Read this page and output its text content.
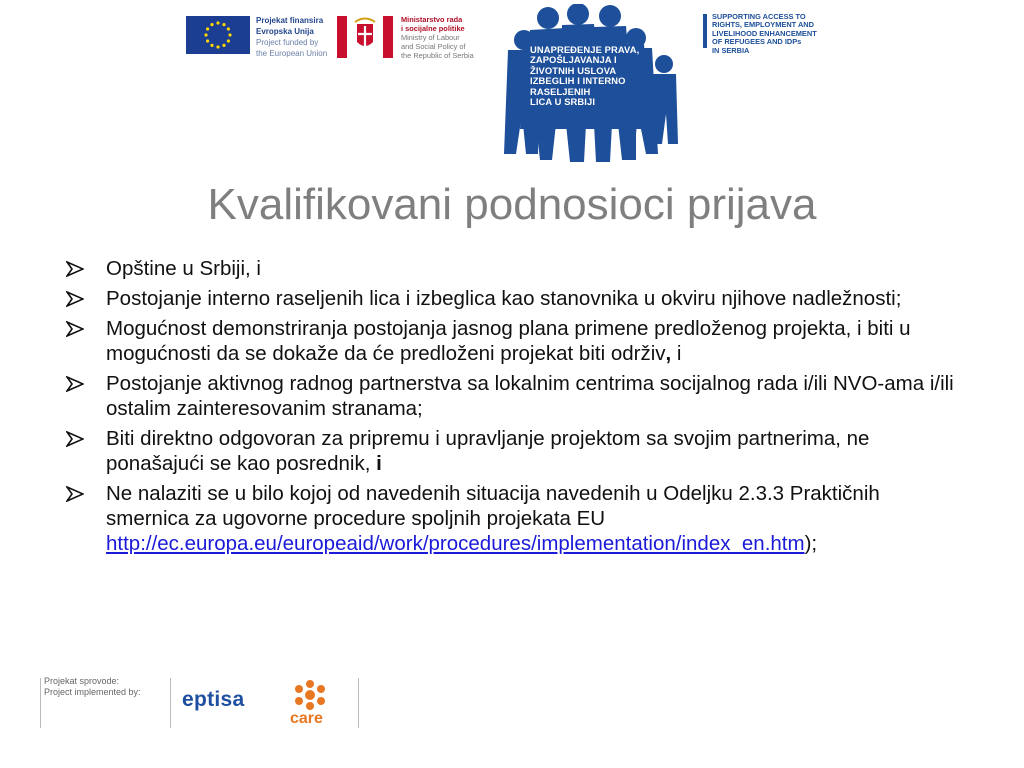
Projekat finansira
Evropska Unija
Project funded by
the European Union
Ministarstvo rada
i socijalne politike
Ministry of Labour
and Social Policy of
the Republic of Serbia
UNAPREĐENJE PRAVA,
ZAPOŠLJAVANJA I
ŽIVOTNIH USLOVA
IZBEGLIH I INTERNO
RASELJENIH
LICA U SRBIJI
SUPPORTING ACCESS TO
RIGHTS, EMPLOYMENT AND
LIVELIHOOD ENHANCEMENT
OF REFUGEES AND IDPs
IN SERBIA
Kvalifikovani podnosioci prijava
Opštine u Srbiji, i
Postojanje interno raseljenih lica i izbeglica kao stanovnika u okviru njihove nadležnosti;
Mogućnost demonstriranja postojanja jasnog plana primene predloženog projekta, i biti u mogućnosti da se dokaže da će predloženi projekat biti održiv, i
Postojanje aktivnog radnog partnerstva sa lokalnim centrima socijalnog rada i/ili NVO-ama i/ili ostalim zainteresovanim stranama;
Biti direktno odgovoran za pripremu i upravljanje projektom sa svojim partnerima, ne ponašajući se kao posrednik, i
Ne nalaziti se u bilo kojoj od navedenih situacija navedenih u Odeljku 2.3.3 Praktičnih smernica za ugovorne procedure spoljnih projekata EU http://ec.europa.eu/europeaid/work/procedures/implementation/index_en.htm);
Projekat sprovode:
Project implemented by: eptisa
care
